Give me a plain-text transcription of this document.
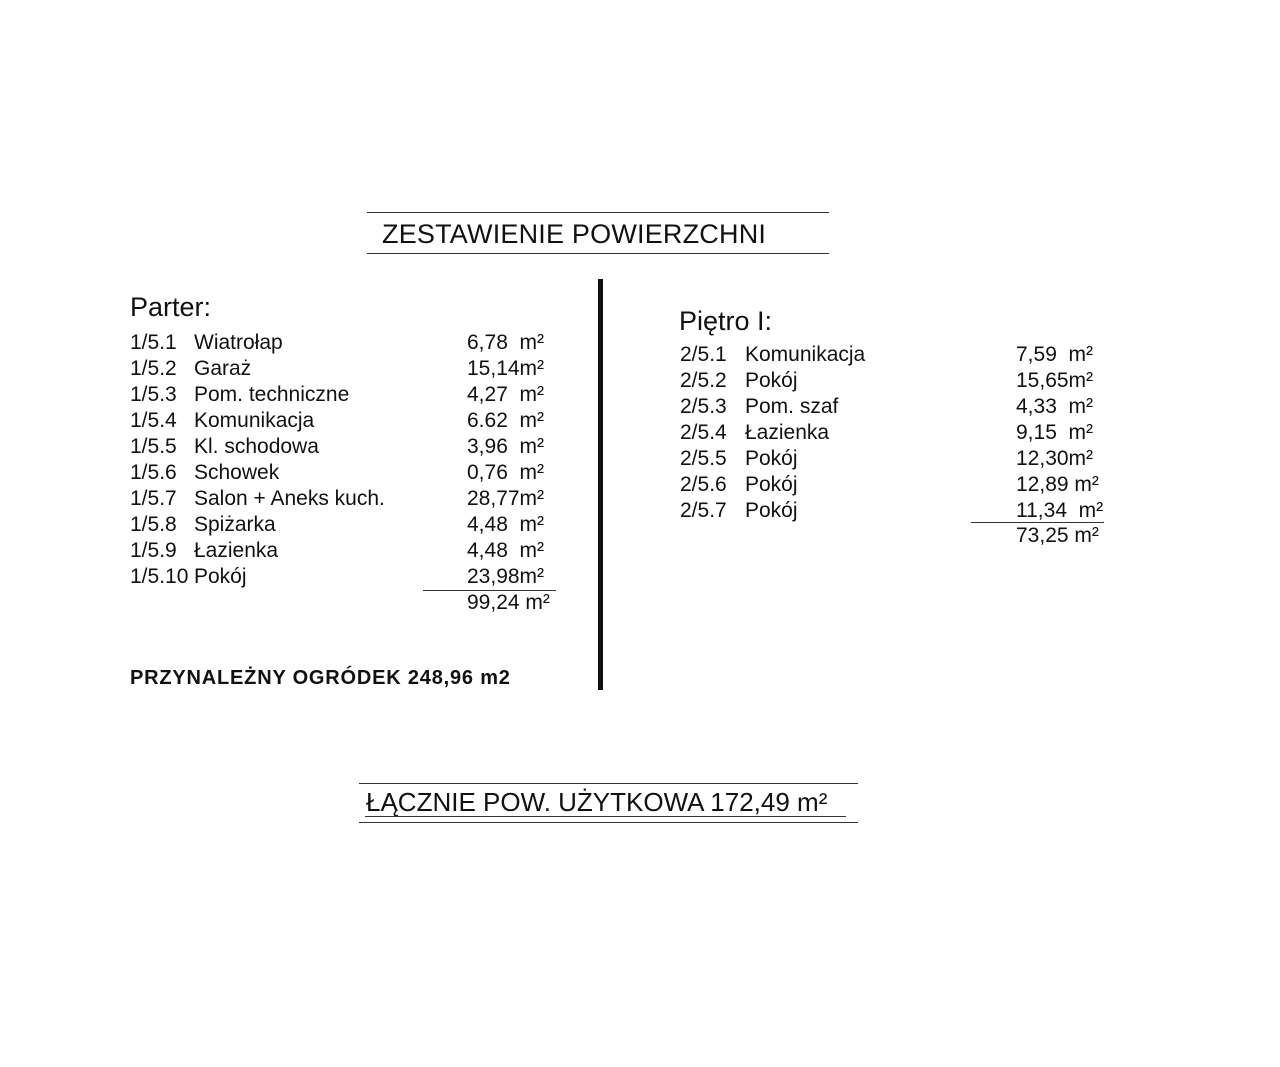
ZESTAWIENIE POWIERZCHNI
Parter:
1/5.1 Wiatrołap	6,78  m²
1/5.2 Garaż	15,14m²
1/5.3 Pom. techniczne	4,27  m²
1/5.4 Komunikacja	6.62  m²
1/5.5 Kl. schodowa	3,96  m²
1/5.6 Schowek	0,76  m²
1/5.7 Salon + Aneks kuch.	28,77m²
1/5.8 Spiżarka	4,48  m²
1/5.9 Łazienka	4,48  m²
1/5.10 Pokój	23,98m²
99,24 m²
PRZYNALEŻNY OGRÓDEK 248,96 m2
Piętro I:
2/5.1 Komunikacja	7,59  m²
2/5.2 Pokój	15,65m²
2/5.3 Pom. szaf	4,33  m²
2/5.4 Łazienka	9,15  m²
2/5.5 Pokój	12,30m²
2/5.6 Pokój	12,89 m²
2/5.7 Pokój	11,34  m²
73,25 m²
ŁĄCZNIE POW. UŻYTKOWA 172,49 m²
